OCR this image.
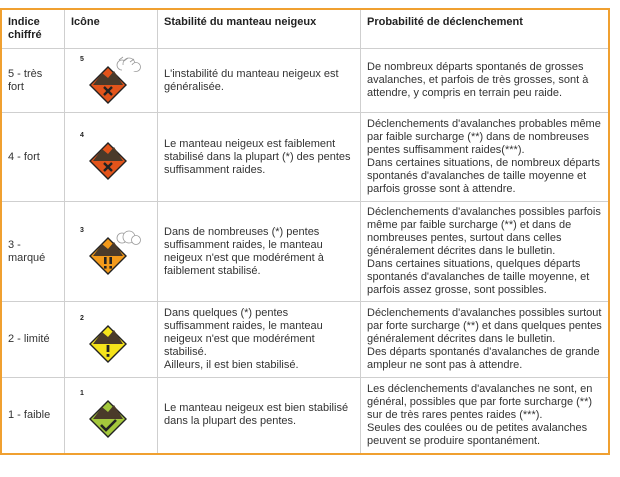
Indice chiffré	Icône	Stabilité du manteau neigeux	Probabilité de déclenchement

5 - très fort	5	L'instabilité du manteau neigeux est généralisée.	De nombreux départs spontanés de grosses avalanches, et parfois de très grosses, sont à attendre, y compris en terrain peu raide.

4 - fort	4	Le manteau neigeux est faiblement stabilisé dans la plupart (*) des pentes suffisamment raides.	Déclenchements d'avalanches probables même par faible surcharge (**) dans de nombreuses pentes suffisamment raides(***).
Dans certaines situations, de nombreux départs spontanés d'avalanches de taille moyenne et parfois grosse sont à attendre.

3 - marqué	3	Dans de nombreuses (*) pentes suffisamment raides, le manteau neigeux n'est que modérément à faiblement stabilisé.	Déclenchements d'avalanches possibles parfois même par faible surcharge (**) et dans de nombreuses pentes, surtout dans celles généralement décrites dans le bulletin.
Dans certaines situations, quelques départs spontanés d'avalanches de taille moyenne, et parfois assez grosse, sont possibles.

2 - limité	2	Dans quelques (*) pentes suffisamment raides, le manteau neigeux n'est que modérément stabilisé.
Ailleurs, il est bien stabilisé.	Déclenchements d'avalanches possibles surtout par forte surcharge (**) et dans quelques pentes généralement décrites dans le bulletin.
Des départs spontanés d'avalanches de grande ampleur ne sont pas à attendre.

1 - faible	1	Le manteau neigeux est bien stabilisé dans la plupart des pentes.	Les déclenchements d'avalanches ne sont, en général, possibles que par forte surcharge (**) sur de très rares pentes raides (***).
Seules des coulées ou de petites avalanches peuvent se produire spontanément.
